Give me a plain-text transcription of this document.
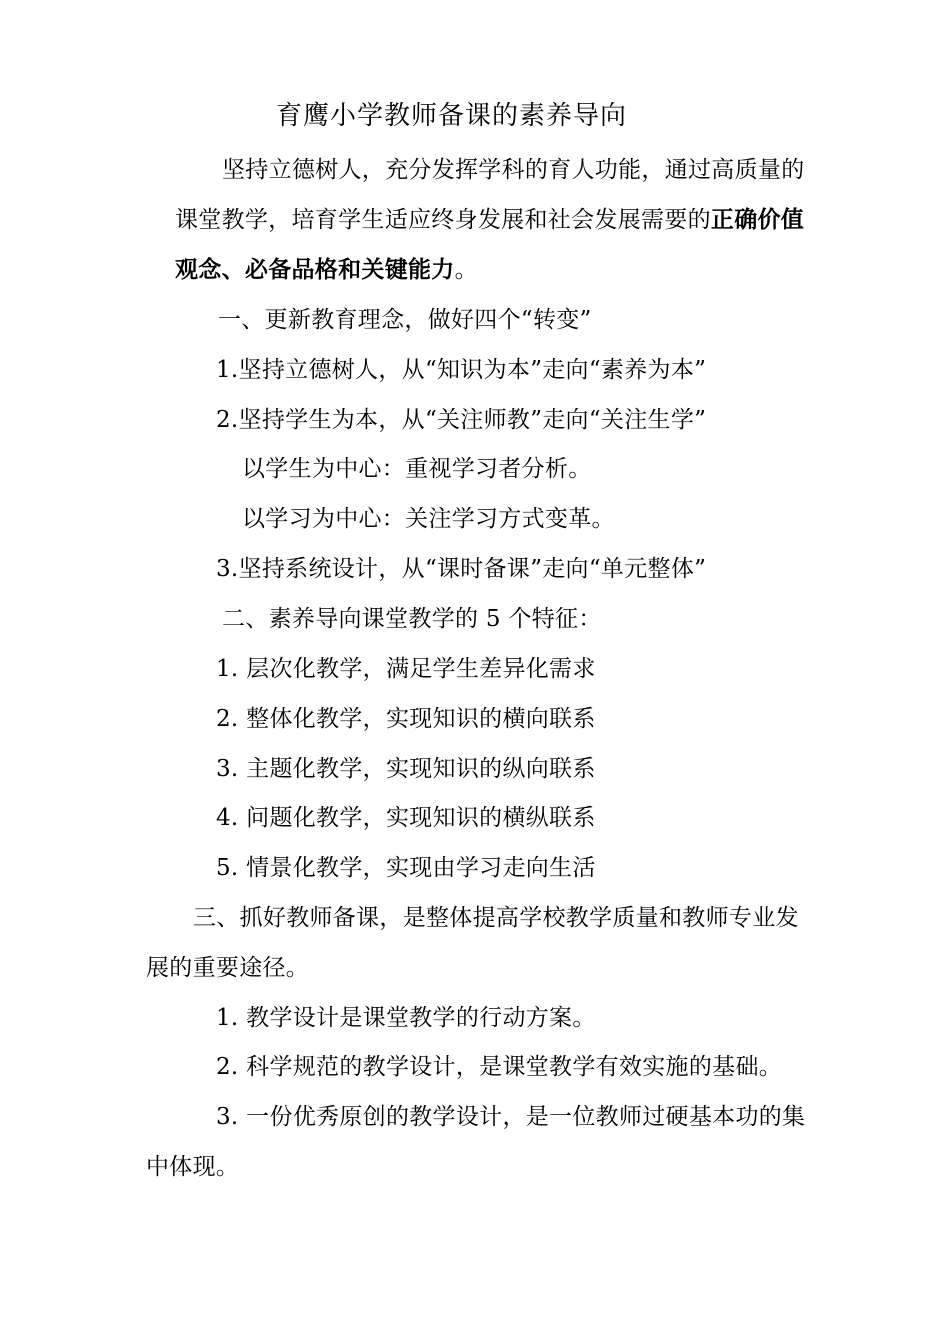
育鹰小学教师备课的素养导向
坚持立德树人，充分发挥学科的育人功能，通过高质量的
课堂教学，培育学生适应终身发展和社会发展需要的正确价值
观念、必备品格和关键能力。
一、更新教育理念，做好四个“转变”
1.坚持立德树人，从“知识为本”走向“素养为本”
2.坚持学生为本，从“关注师教”走向“关注生学”
以学生为中心：重视学习者分析。
以学习为中心：关注学习方式变革。
3.坚持系统设计，从“课时备课”走向“单元整体”
二、素养导向课堂教学的 5 个特征：
1. 层次化教学，满足学生差异化需求
2. 整体化教学，实现知识的横向联系
3. 主题化教学，实现知识的纵向联系
4. 问题化教学，实现知识的横纵联系
5. 情景化教学，实现由学习走向生活
三、抓好教师备课，是整体提高学校教学质量和教师专业发
展的重要途径。
1. 教学设计是课堂教学的行动方案。
2. 科学规范的教学设计，是课堂教学有效实施的基础。
3. 一份优秀原创的教学设计，是一位教师过硬基本功的集
中体现。
